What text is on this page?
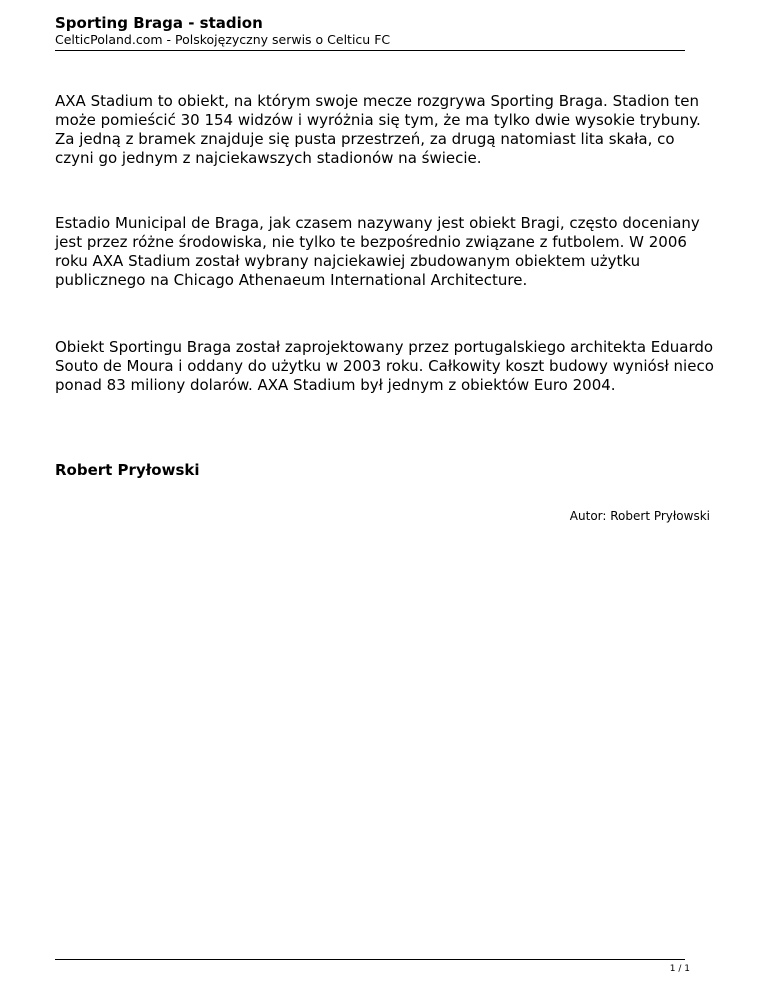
Sporting Braga - stadion

CelticPoland.com - Polskojęzyczny serwis o Celticu FC

AXA Stadium to obiekt, na którym swoje mecze rozgrywa Sporting Braga. Stadion ten może pomieścić 30 154 widzów i wyróżnia się tym, że ma tylko dwie wysokie trybuny. Za jedną z bramek znajduje się pusta przestrzeń, za drugą natomiast lita skała, co czyni go jednym z najciekawszych stadionów na świecie.

Estadio Municipal de Braga, jak czasem nazywany jest obiekt Bragi, często doceniany jest przez różne środowiska, nie tylko te bezpośrednio związane z futbolem. W 2006 roku AXA Stadium został wybrany najciekawiej zbudowanym obiektem użytku publicznego na Chicago Athenaeum International Architecture.

Obiekt Sportingu Braga został zaprojektowany przez portugalskiego architekta Eduardo Souto de Moura i oddany do użytku w 2003 roku. Całkowity koszt budowy wyniósł nieco ponad 83 miliony dolarów. AXA Stadium był jednym z obiektów Euro 2004.

Robert Pryłowski

Autor: Robert Pryłowski

1 / 1
